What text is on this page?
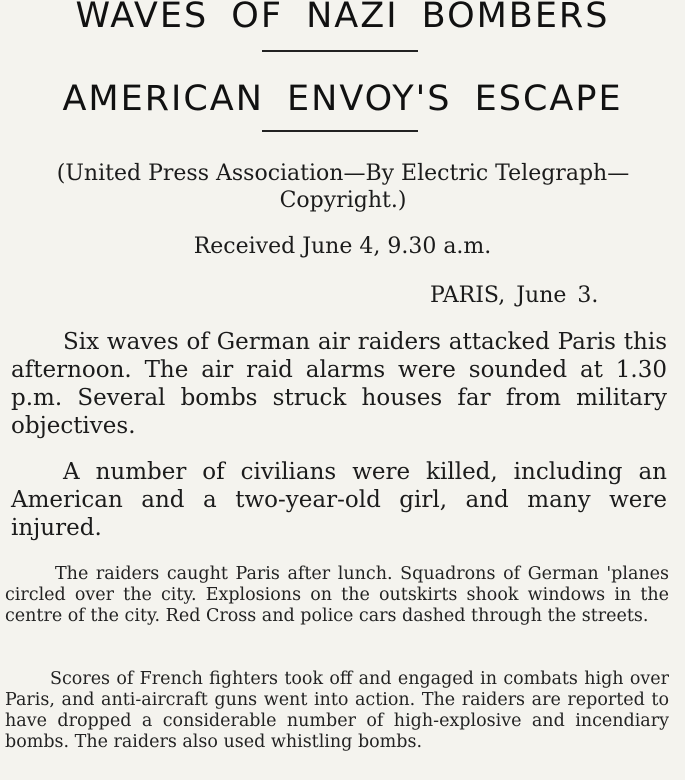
WAVES OF NAZI BOMBERS
AMERICAN ENVOY'S ESCAPE
(United Press Association—By Electric Telegraph—Copyright.)
Received June 4, 9.30 a.m.
PARIS, June 3.

Six waves of German air raiders attacked Paris this afternoon. The air raid alarms were sounded at 1.30 p.m. Several bombs struck houses far from military objectives.

A number of civilians were killed, including an American and a two-year-old girl, and many were injured.

The raiders caught Paris after lunch. Squadrons of German 'planes circled over the city. Explosions on the outskirts shook windows in the centre of the city. Red Cross and police cars dashed through the streets.

Scores of French fighters took off and engaged in combats high over Paris, and anti-aircraft guns went into action. The raiders are reported to have dropped a considerable number of high-explosive and incendiary bombs. The raiders also used whistling bombs.
